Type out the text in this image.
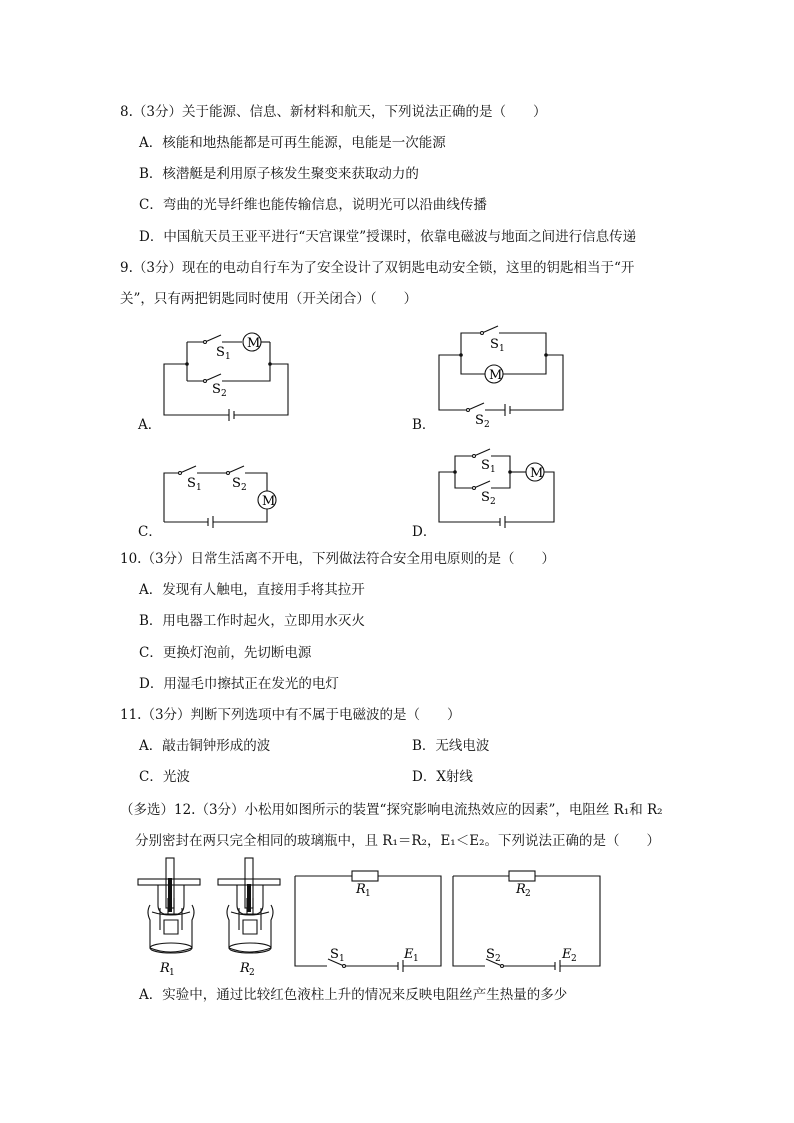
8.（3分）关于能源、信息、新材料和航天，下列说法正确的是（　　）
A．核能和地热能都是可再生能源，电能是一次能源
B．核潜艇是利用原子核发生聚变来获取动力的
C．弯曲的光导纤维也能传输信息，说明光可以沿曲线传播
D．中国航天员王亚平进行“天宫课堂”授课时，依靠电磁波与地面之间进行信息传递
9.（3分）现在的电动自行车为了安全设计了双钥匙电动安全锁，这里的钥匙相当于“开
关”，只有两把钥匙同时使用（开关闭合）（　　）
A．
M
S 1
S 2
B．
M
S 1
S 2
C．
M
S 1 S 2
D．
M
S 1
S 2
10.（3分）日常生活离不开电，下列做法符合安全用电原则的是（　　）
A．发现有人触电，直接用手将其拉开
B．用电器工作时起火，立即用水灭火
C．更换灯泡前，先切断电源
D．用湿毛巾擦拭正在发光的电灯
11.（3分）判断下列选项中有不属于电磁波的是（　　）
A．敲击铜钟形成的波	B．无线电波
C．光波	D．X射线
（多选）12.（3分）小松用如图所示的装置“探究影响电流热效应的因素”，电阻丝 R₁和 R₂
分别密封在两只完全相同的玻璃瓶中，且 R₁＝R₂，E₁＜E₂。下列说法正确的是（　　）
R 1	R 2
R 1
S 1	E 1
R 2
S 2	E 2
A．实验中，通过比较红色液柱上升的情况来反映电阻丝产生热量的多少
